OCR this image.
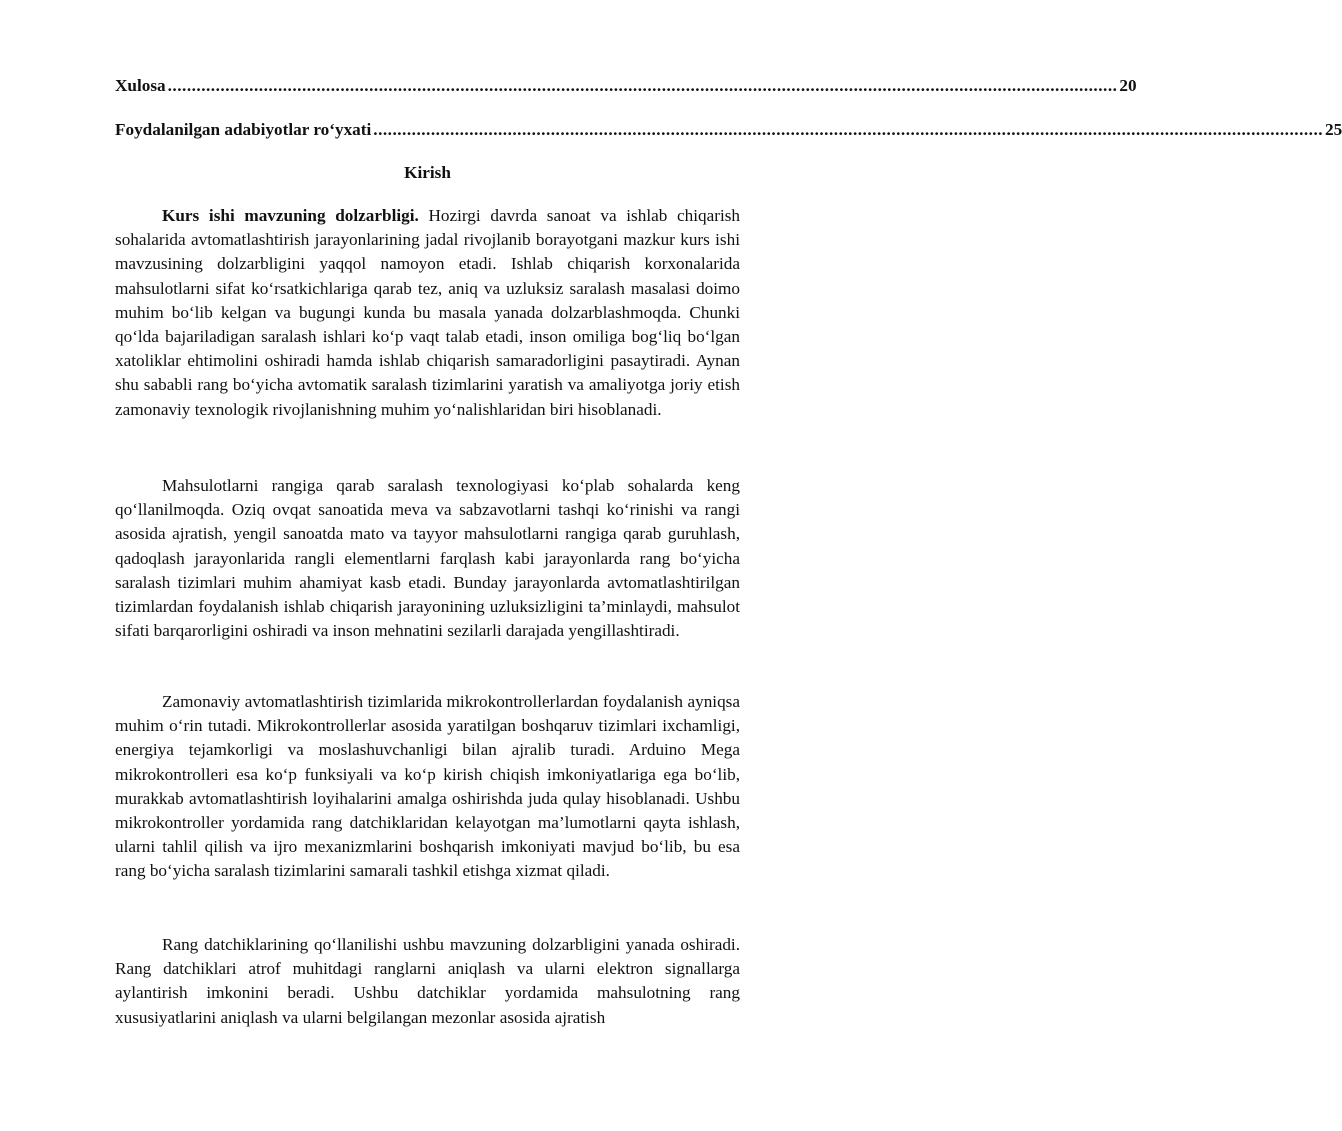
Xulosa ...................................................................................................................................................................................................... 20
Foydalanilgan adabiyotlar ro‘yxati ...................................................................................................................................................................................................... 25
Kirish

Kurs ishi mavzuning dolzarbligi. Hozirgi davrda sanoat va ishlab chiqarish sohalarida avtomatlashtirish jarayonlarining jadal rivojlanib borayotgani mazkur kurs ishi mavzusining dolzarbligini yaqqol namoyon etadi. Ishlab chiqarish korxonalarida mahsulotlarni sifat ko‘rsatkichlariga qarab tez, aniq va uzluksiz saralash masalasi doimo muhim bo‘lib kelgan va bugungi kunda bu masala yanada dolzarblashmoqda. Chunki qo‘lda bajariladigan saralash ishlari ko‘p vaqt talab etadi, inson omiliga bog‘liq bo‘lgan xatoliklar ehtimolini oshiradi hamda ishlab chiqarish samaradorligini pasaytiradi. Aynan shu sababli rang bo‘yicha avtomatik saralash tizimlarini yaratish va amaliyotga joriy etish zamonaviy texnologik rivojlanishning muhim yo‘nalishlaridan biri hisoblanadi.

Mahsulotlarni rangiga qarab saralash texnologiyasi ko‘plab sohalarda keng qo‘llanilmoqda. Oziq ovqat sanoatida meva va sabzavotlarni tashqi ko‘rinishi va rangi asosida ajratish, yengil sanoatda mato va tayyor mahsulotlarni rangiga qarab guruhlash, qadoqlash jarayonlarida rangli elementlarni farqlash kabi jarayonlarda rang bo‘yicha saralash tizimlari muhim ahamiyat kasb etadi. Bunday jarayonlarda avtomatlashtirilgan tizimlardan foydalanish ishlab chiqarish jarayonining uzluksizligini ta’minlaydi, mahsulot sifati barqarorligini oshiradi va inson mehnatini sezilarli darajada yengillashtiradi.

Zamonaviy avtomatlashtirish tizimlarida mikrokontrollerlardan foydalanish ayniqsa muhim o‘rin tutadi. Mikrokontrollerlar asosida yaratilgan boshqaruv tizimlari ixchamligi, energiya tejamkorligi va moslashuvchanligi bilan ajralib turadi. Arduino Mega mikrokontrolleri esa ko‘p funksiyali va ko‘p kirish chiqish imkoniyatlariga ega bo‘lib, murakkab avtomatlashtirish loyihalarini amalga oshirishda juda qulay hisoblanadi. Ushbu mikrokontroller yordamida rang datchiklaridan kelayotgan ma’lumotlarni qayta ishlash, ularni tahlil qilish va ijro mexanizmlarini boshqarish imkoniyati mavjud bo‘lib, bu esa rang bo‘yicha saralash tizimlarini samarali tashkil etishga xizmat qiladi.

Rang datchiklarining qo‘llanilishi ushbu mavzuning dolzarbligini yanada oshiradi. Rang datchiklari atrof muhitdagi ranglarni aniqlash va ularni elektron signallarga aylantirish imkonini beradi. Ushbu datchiklar yordamida mahsulotning rang xususiyatlarini aniqlash va ularni belgilangan mezonlar asosida ajratish
